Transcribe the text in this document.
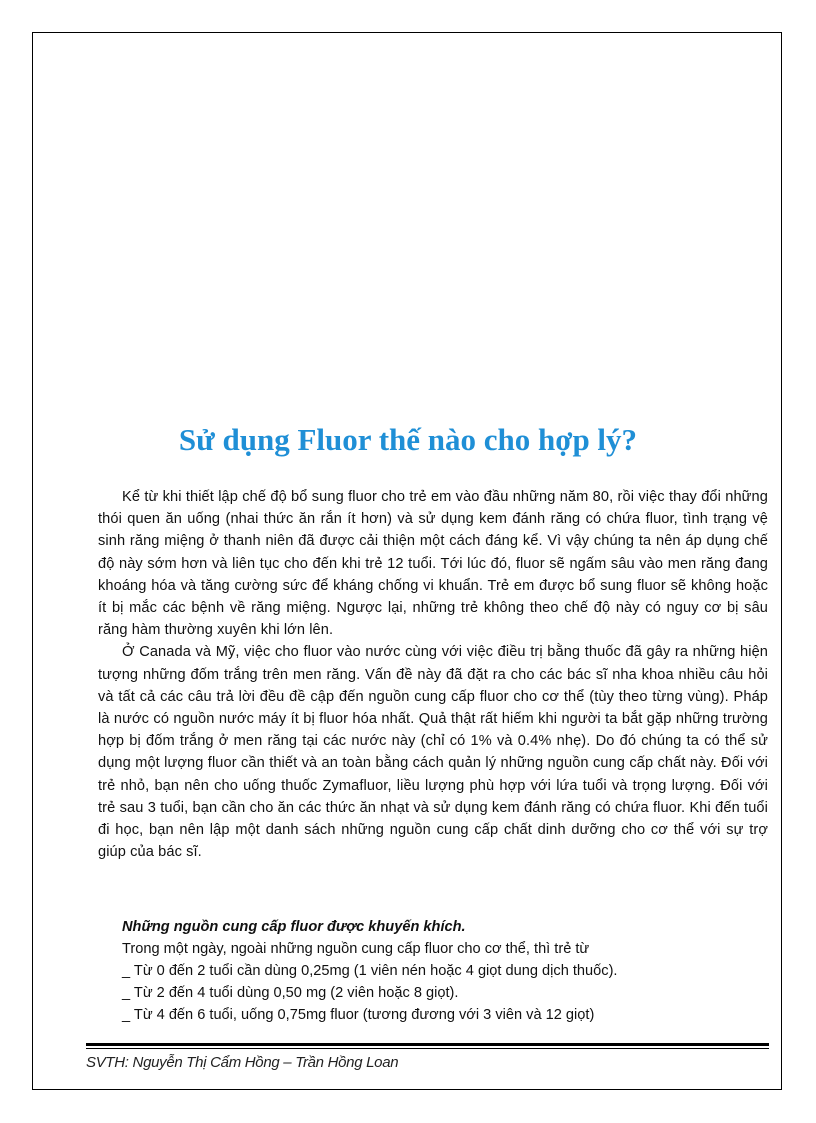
Sử dụng Fluor thế nào cho hợp lý?

Kể từ khi thiết lập chế độ bổ sung fluor cho trẻ em vào đầu những năm 80, rồi việc thay đổi những thói quen ăn uống (nhai thức ăn rắn ít hơn) và sử dụng kem đánh răng có chứa fluor, tình trạng vệ sinh răng miệng ở thanh niên đã được cải thiện một cách đáng kể. Vì vậy chúng ta nên áp dụng chế độ này sớm hơn và liên tục cho đến khi trẻ 12 tuổi. Tới lúc đó, fluor sẽ ngấm sâu vào men răng đang khoáng hóa và tăng cường sức để kháng chống vi khuẩn. Trẻ em được bổ sung fluor sẽ không hoặc ít bị mắc các bệnh về răng miệng. Ngược lại, những trẻ không theo chế độ này có nguy cơ bị sâu răng hàm thường xuyên khi lớn lên.

Ở Canada và Mỹ, việc cho fluor vào nước cùng với việc điều trị bằng thuốc đã gây ra những hiện tượng những đốm trắng trên men răng. Vấn đề này đã đặt ra cho các bác sĩ nha khoa nhiều câu hỏi và tất cả các câu trả lời đều đề cập đến nguồn cung cấp fluor cho cơ thể (tùy theo từng vùng). Pháp là nước có nguồn nước máy ít bị fluor hóa nhất. Quả thật rất hiếm khi người ta bắt gặp những trường hợp bị đốm trắng ở men răng tại các nước này (chỉ có 1% và 0.4% nhẹ). Do đó chúng ta có thể sử dụng một lượng fluor cần thiết và an toàn bằng cách quản lý những nguồn cung cấp chất này. Đối với trẻ nhỏ, bạn nên cho uống thuốc Zymafluor, liều lượng phù hợp với lứa tuổi và trọng lượng. Đối với trẻ sau 3 tuổi, bạn cần cho ăn các thức ăn nhạt và sử dụng kem đánh răng có chứa fluor. Khi đến tuổi đi học, bạn nên lập một danh sách những nguồn cung cấp chất dinh dưỡng cho cơ thể với sự trợ giúp của bác sĩ.

Những nguồn cung cấp fluor được khuyến khích.

Trong một ngày, ngoài những nguồn cung cấp fluor cho cơ thể, thì trẻ từ

_ Từ 0 đến 2 tuổi cần dùng 0,25mg (1 viên nén hoặc 4 giọt dung dịch thuốc).

_ Từ 2 đến 4 tuổi dùng 0,50 mg (2 viên hoặc 8 giọt).

_ Từ 4 đến 6 tuổi, uống 0,75mg fluor (tương đương với 3 viên và 12 giọt)

SVTH: Nguyễn Thị Cẩm Hồng – Trần Hồng Loan
